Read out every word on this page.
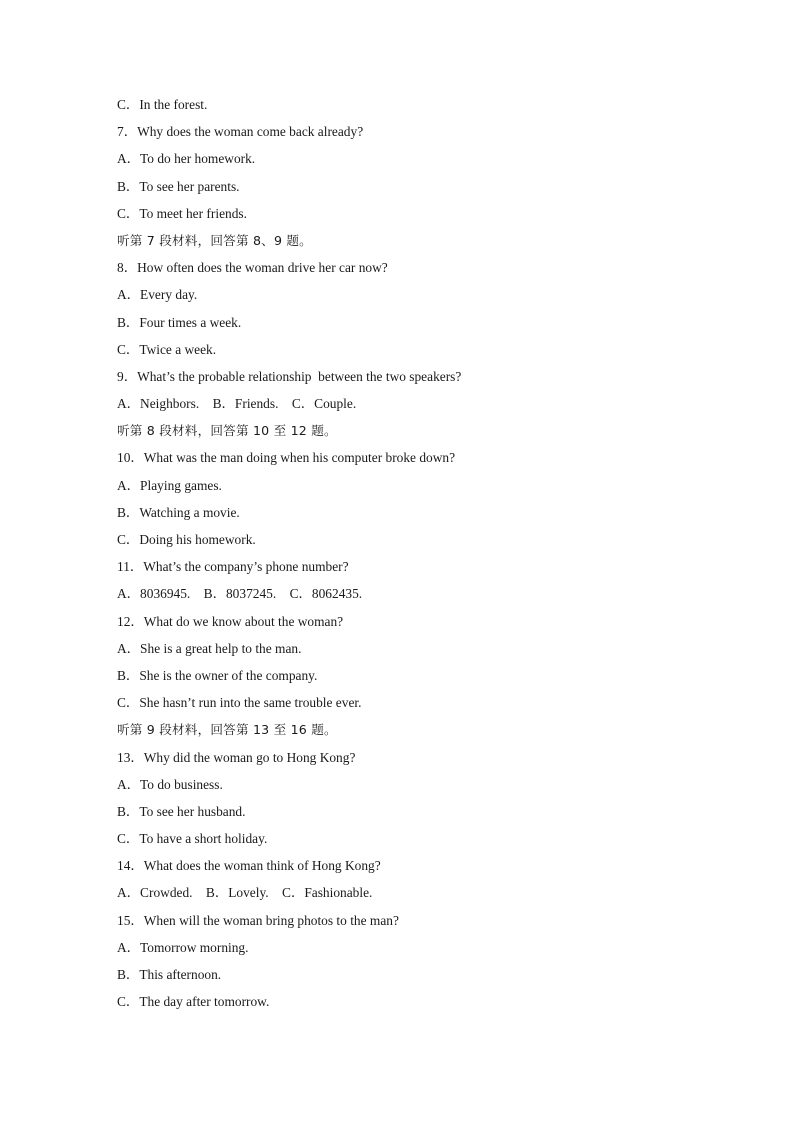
C．In the forest.
7．Why does the woman come back already?
A．To do her homework.
B．To see her parents.
C．To meet her friends.
听第 7 段材料，回答第 8、9 题。
8．How often does the woman drive her car now?
A．Every day.
B．Four times a week.
C．Twice a week.
9．What’s the probable relationship  between the two speakers?
A．Neighbors.    B．Friends.    C．Couple.
听第 8 段材料，回答第 10 至 12 题。
10．What was the man doing when his computer broke down?
A．Playing games.
B．Watching a movie.
C．Doing his homework.
11．What’s the company’s phone number?
A．8036945.    B．8037245.    C．8062435.
12．What do we know about the woman?
A．She is a great help to the man.
B．She is the owner of the company.
C．She hasn’t run into the same trouble ever.
听第 9 段材料，回答第 13 至 16 题。
13．Why did the woman go to Hong Kong?
A．To do business.
B．To see her husband.
C．To have a short holiday.
14．What does the woman think of Hong Kong?
A．Crowded.    B．Lovely.    C．Fashionable.
15．When will the woman bring photos to the man?
A．Tomorrow morning.
B．This afternoon.
C．The day after tomorrow.
